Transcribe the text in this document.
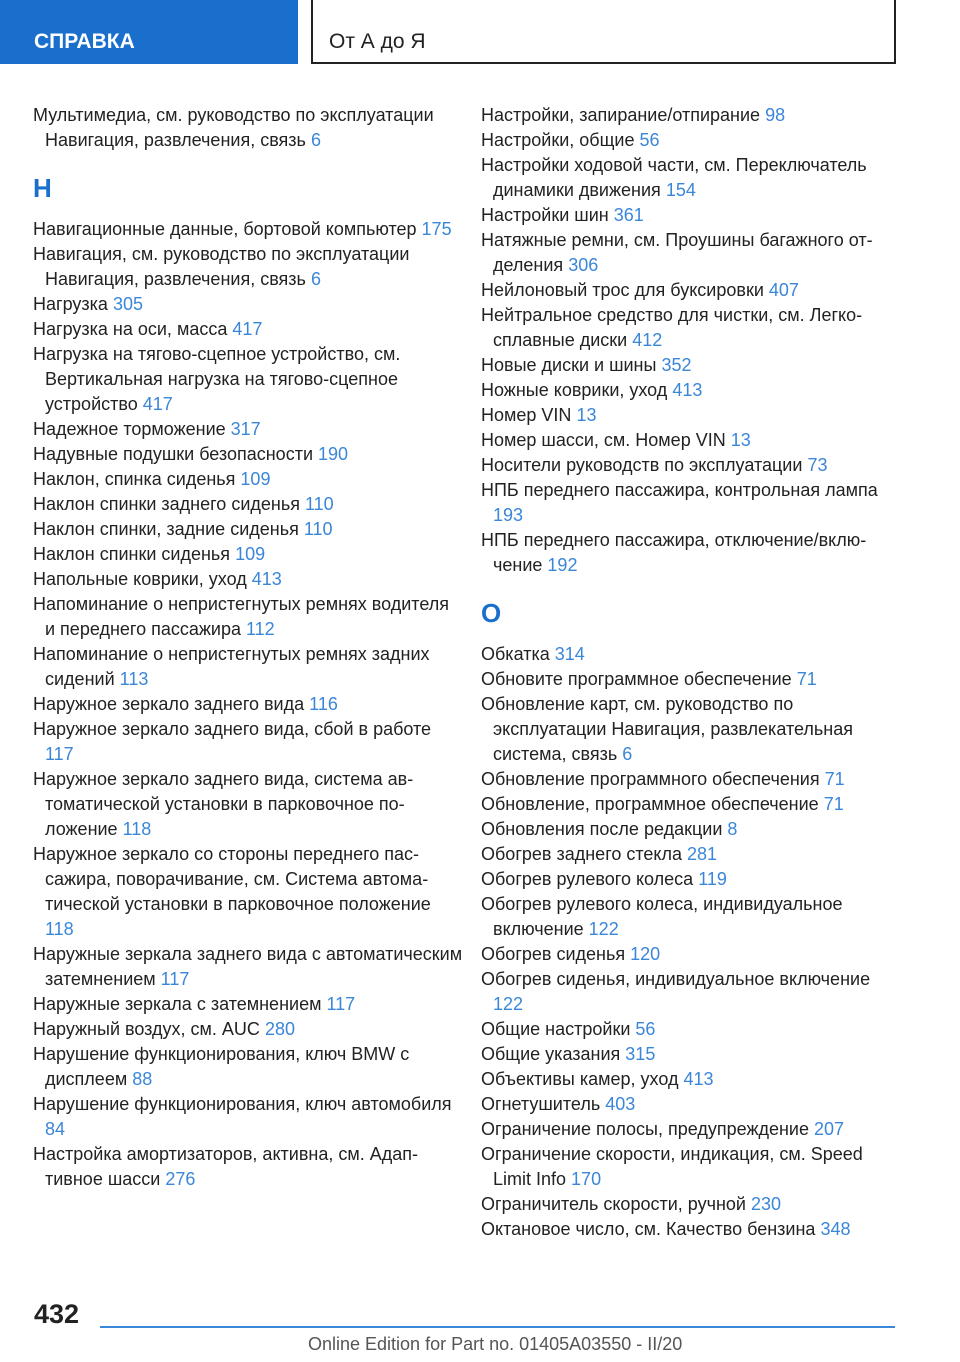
СПРАВКА	От А до Я

Мультимедиа, см. руководство по эксплуатации Навигация, развлечения, связь 6

Н

Навигационные данные, бортовой компьютер 175

Навигация, см. руководство по эксплуатации Навигация, развлечения, связь 6

Нагрузка 305

Нагрузка на оси, масса 417

Нагрузка на тягово-сцепное устройство, см. Вертикальная нагрузка на тягово-сцепное устройство 417

Надежное торможение 317

Надувные подушки безопасности 190

Наклон, спинка сиденья 109

Наклон спинки заднего сиденья 110

Наклон спинки, задние сиденья 110

Наклон спинки сиденья 109

Напольные коврики, уход 413

Напоминание о непристегнутых ремнях водителя и переднего пассажира 112

Напоминание о непристегнутых ремнях задних сидений 113

Наружное зеркало заднего вида 116

Наружное зеркало заднего вида, сбой в работе 117

Наружное зеркало заднего вида, система автоматической установки в парковочное положение 118

Наружное зеркало со стороны переднего пассажира, поворачивание, см. Система автоматической установки в парковочное положение 118

Наружные зеркала заднего вида с автоматическим затемнением 117

Наружные зеркала с затемнением 117

Наружный воздух, см. AUC 280

Нарушение функционирования, ключ BMW с дисплеем 88

Нарушение функционирования, ключ автомобиля 84

Настройка амортизаторов, активна, см. Адаптивное шасси 276

Настройки, запирание/отпирание 98

Настройки, общие 56

Настройки ходовой части, см. Переключатель динамики движения 154

Настройки шин 361

Натяжные ремни, см. Проушины багажного отделения 306

Нейлоновый трос для буксировки 407

Нейтральное средство для чистки, см. Легкосплавные диски 412

Новые диски и шины 352

Ножные коврики, уход 413

Номер VIN 13

Номер шасси, см. Номер VIN 13

Носители руководств по эксплуатации 73

НПБ переднего пассажира, контрольная лампа 193

НПБ переднего пассажира, отключение/включение 192

О

Обкатка 314

Обновите программное обеспечение 71

Обновление карт, см. руководство по эксплуатации Навигация, развлекательная система, связь 6

Обновление программного обеспечения 71

Обновление, программное обеспечение 71

Обновления после редакции 8

Обогрев заднего стекла 281

Обогрев рулевого колеса 119

Обогрев рулевого колеса, индивидуальное включение 122

Обогрев сиденья 120

Обогрев сиденья, индивидуальное включение 122

Общие настройки 56

Общие указания 315

Объективы камер, уход 413

Огнетушитель 403

Ограничение полосы, предупреждение 207

Ограничение скорости, индикация, см. Speed Limit Info 170

Ограничитель скорости, ручной 230

Октановое число, см. Качество бензина 348

432
Online Edition for Part no. 01405A03550 - II/20
